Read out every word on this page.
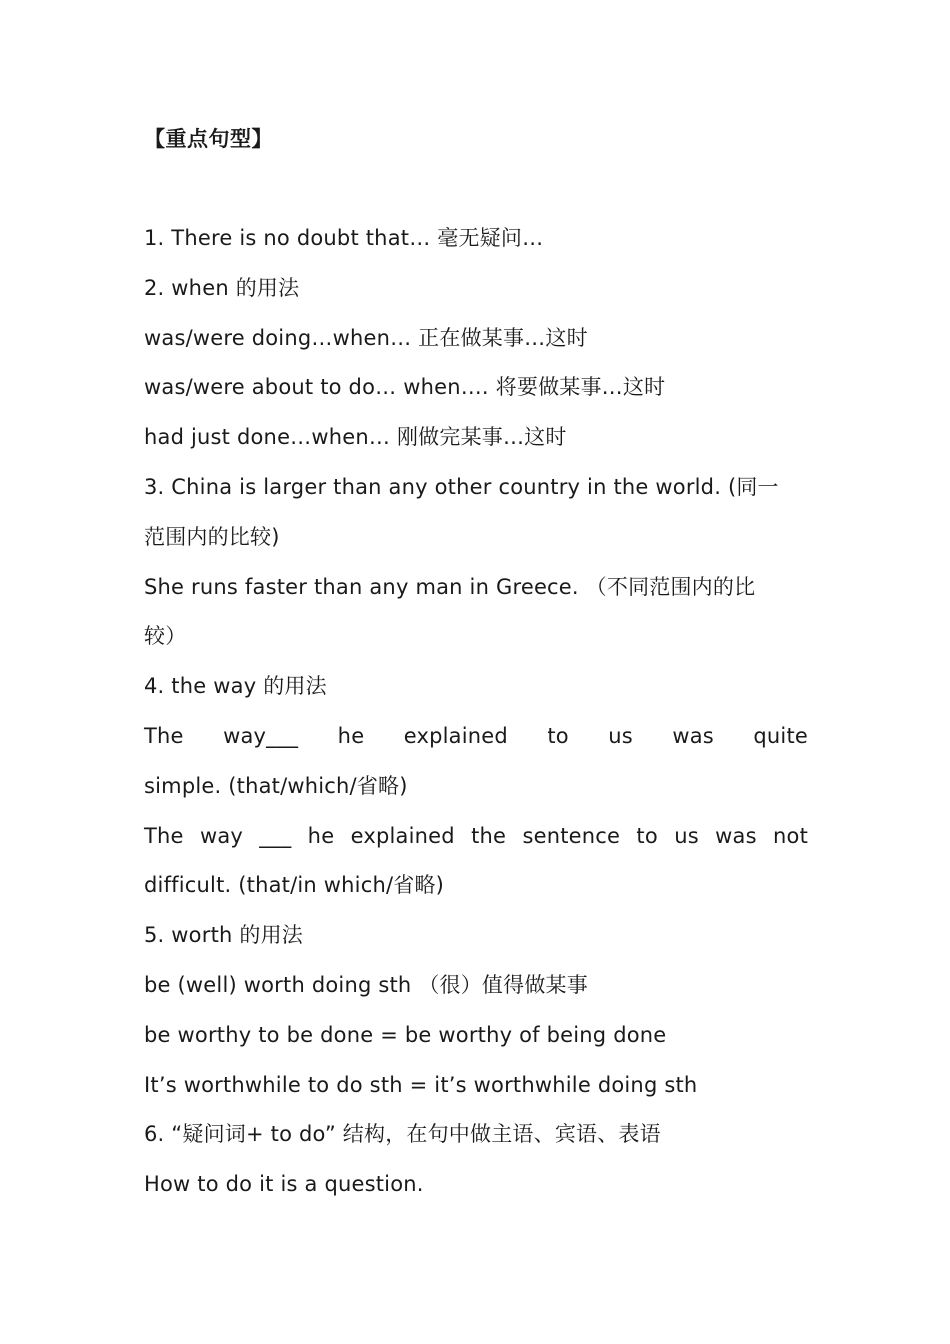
【重点句型】
1. There is no doubt that… 毫无疑问…
2. when 的用法
was/were doing…when… 正在做某事…这时
was/were about to do… when…. 将要做某事…这时
had just done…when… 刚做完某事…这时
3. China is larger than any other country in the world. (同一
范围内的比较)
She runs faster than any man in Greece. （不同范围内的比
较）
4. the way 的用法
The way___ he explained to us was quite
simple. (that/which/省略)
The way ___ he explained the sentence to us was not
difficult. (that/in which/省略)
5. worth 的用法
be (well) worth doing sth （很）值得做某事
be worthy to be done = be worthy of being done
It’s worthwhile to do sth = it’s worthwhile doing sth
6. “疑问词+ to do” 结构，在句中做主语、宾语、表语
How to do it is a question.
